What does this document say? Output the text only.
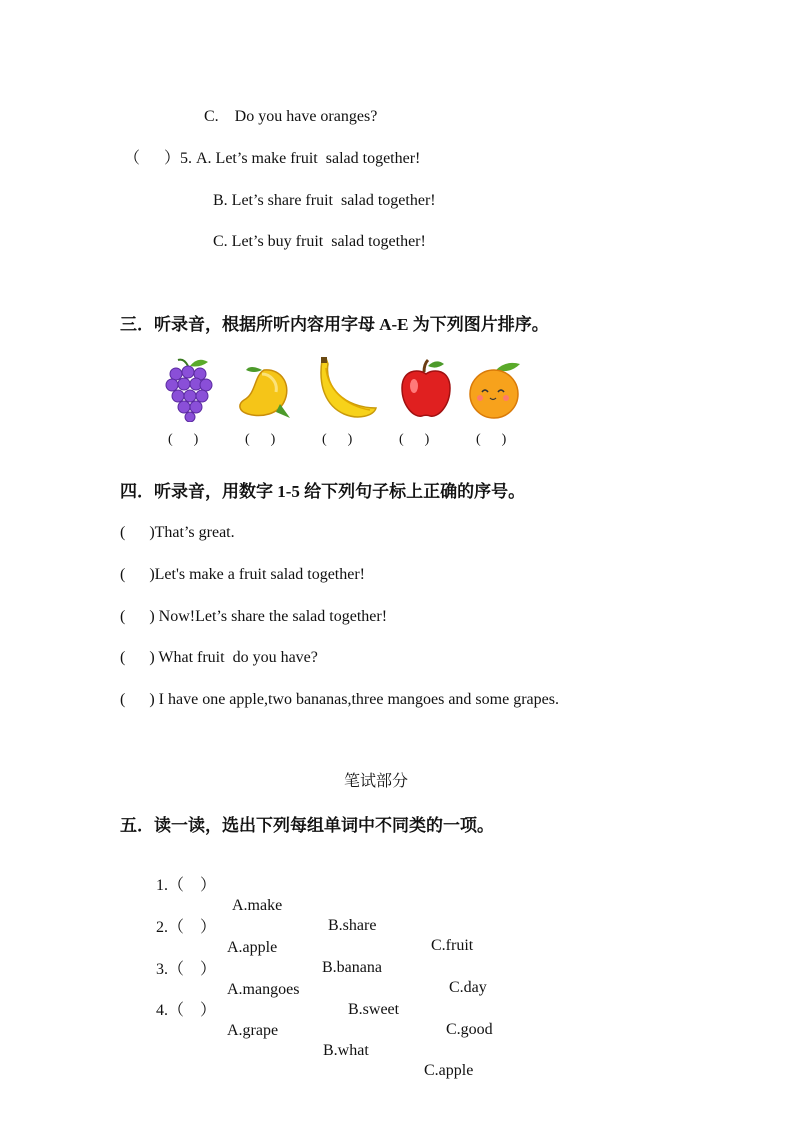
C.    Do you have oranges?
（      ）5. A. Let’s make fruit  salad together!
B. Let’s share fruit  salad together!
C. Let’s buy fruit  salad together!
三．听录音，根据所听内容用字母 A-E 为下列图片排序。
(      )	(      )	(      )	(      )	(      )
四．听录音，用数字 1-5 给下列句子标上正确的序号。
(      )That’s great.
(      )Let's make a fruit salad together!
(      ) Now!Let’s share the salad together!
(      ) What fruit  do you have?
(      ) I have one apple,two bananas,three mangoes and some grapes.
笔试部分
五．读一读，选出下列每组单词中不同类的一项。

1.（    ）

A.make

B.share

C.fruit

2.（    ）

A.apple

B.banana

C.day

3.（    ）

A.mangoes

B.sweet

C.good

4.（    ）

A.grape

B.what

C.apple
